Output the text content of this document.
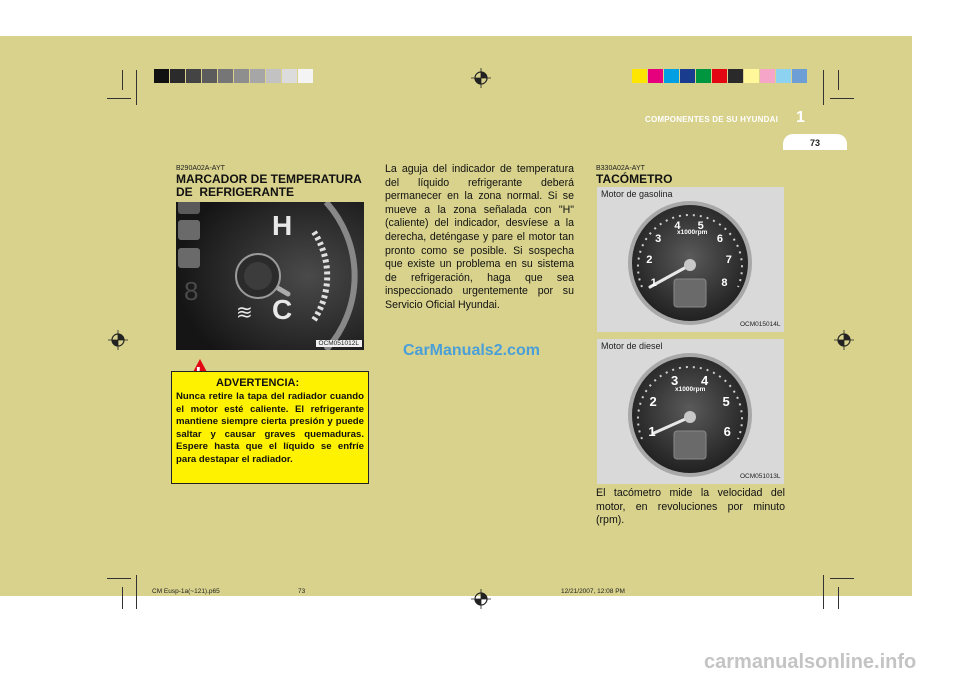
COMPONENTES DE SU HYUNDAI 1
73
B290A02A-AYT
MARCADOR DE TEMPERATURA
DE  REFRIGERANTE
H
C
8
≋
OCM051012L
ADVERTENCIA:
Nunca retire la tapa del radiador cuando el motor esté caliente. El refrigerante mantiene siempre cierta presión y puede saltar y causar graves quemaduras. Espere hasta que el líquido se enfríe para destapar el radiador.
La aguja del indicador de temperatura del líquido refrigerante deberá permanecer en la zona normal. Si se mueve a la zona señalada con "H" (caliente) del indicador, desvíese a la derecha, deténgase y pare el motor tan pronto como se posible. Si sospecha que existe un problema en su sistema de refrigeración, haga que sea inspeccionado urgentemente por su Servicio Oficial Hyundai.
CarManuals2.com
B330A02A-AYT
TACÓMETRO
Motor de gasolina
1
2
3
4 5
6
7
8
x1000rpm
OCM015014L
Motor de diesel
1
2
3 4
5
6
x1000rpm
OCM051013L
El tacómetro mide la velocidad del motor, en revoluciones por minuto (rpm).
CM Eusp-1a(~121).p65	73	12/21/2007, 12:08 PM
carmanualsonline.info
